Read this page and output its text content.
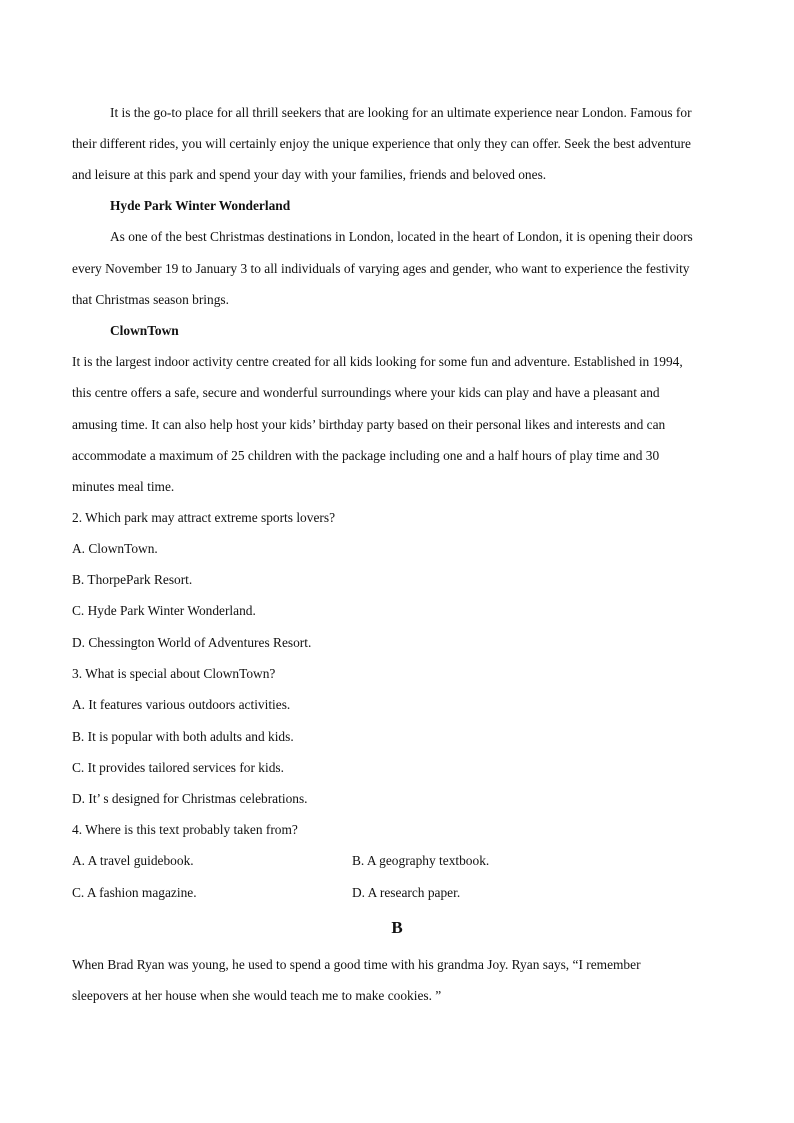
It is the go-to place for all thrill seekers that are looking for an ultimate experience near London. Famous for
their different rides, you will certainly enjoy the unique experience that only they can offer. Seek the best adventure
and leisure at this park and spend your day with your families, friends and beloved ones.
Hyde Park Winter Wonderland
As one of the best Christmas destinations in London, located in the heart of London, it is opening their doors
every November 19 to January 3 to all individuals of varying ages and gender, who want to experience the festivity
that Christmas season brings.
ClownTown
It is the largest indoor activity centre created for all kids looking for some fun and adventure. Established in 1994,
this centre offers a safe, secure and wonderful surroundings where your kids can play and have a pleasant and
amusing time. It can also help host your kids’ birthday party based on their personal likes and interests and can
accommodate a maximum of 25 children with the package including one and a half hours of play time and 30
minutes meal time.
2. Which park may attract extreme sports lovers?
A. ClownTown.
B. ThorpePark Resort.
C. Hyde Park Winter Wonderland.
D. Chessington World of Adventures Resort.
3. What is special about ClownTown?
A. It features various outdoors activities.
B. It is popular with both adults and kids.
C. It provides tailored services for kids.
D. It’ s designed for Christmas celebrations.
4. Where is this text probably taken from?
A. A travel guidebook.	B. A geography textbook.
C. A fashion magazine.	D. A research paper.
B
When Brad Ryan was young, he used to spend a good time with his grandma Joy. Ryan says, “I remember
sleepovers at her house when she would teach me to make cookies. ”
